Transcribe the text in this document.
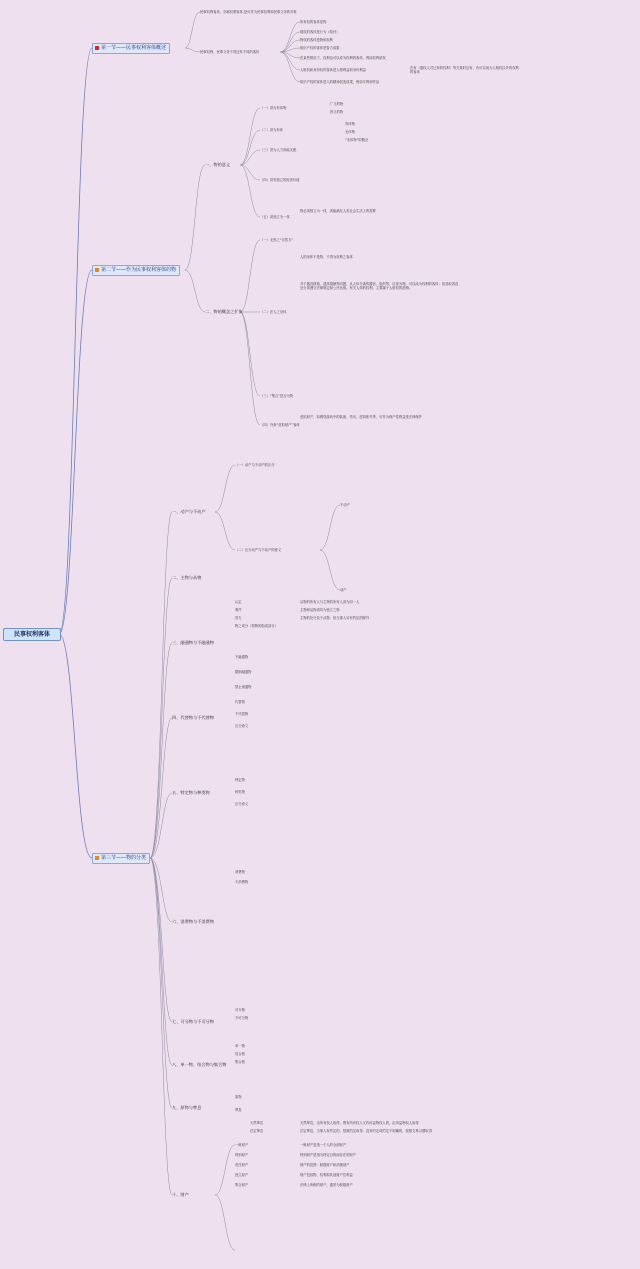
民事权利客体
第一节——民事权利客体概述
民事权利客体，亦称权利客体,是可作为民事权利和民事义务的对象
民事权利，民事义务不同还有不同的客体
所有权的客体是物
债权的客体是行为（给付）
物权的客体是物和权利
知识产权的客体是智力成果
在某些情况下，权利也可以成为权利的客体，例如权利质权
人格权和身份权的客体是人格利益和身份利益	在有（债权人对已有的权利）等关系时还有，有可以成为人格权以外的权利的客体
知识产权的客体是人的精神创造成果，例如专利和作品
第二节——作为民事权利客体的物
一、物的意义
（一）须为有体物
广义的物
狭义的物
（二）须为有体
有体物
无体物
“无体物”的概念
（三）须为人力所能支配
（四）须有独立的经济价值
（五）须独立为一体
物必须独立为一体，须能满足人类社会生活上的需要
二、物的概念之扩张
（一）无形之“自然力”
（二）法人之身体
人的身体不是物，不得为权利之客体
对于器官移植、遗体捐献等问题，从人体分离的器官、组织等，应视为物，可以成为权利的客体；但其取得及处分须遵守法律规定和公序良俗。有关人体的权利，主要属于人格权的范畴。
（三）“集合”是否为物
（四）外套“虚拟财产”客体
虚拟财产，如网络游戏中的装备、货币、虚拟账号等，可作为财产性利益受法律保护
第三节——物的分类
一、动产与不动产
（一）动产与不动产的区分
（二）区分动产与不动产的意义
不动产
动产
二、主物与从物
认定
要件
效力
物之成分（即物的组成部分）
从物的所有人与主物的所有人须为同一人
主物和从物须均为独立之物
主物的处分及于从物，但当事人另有约定的除外
三、融通物与不融通物
不融通物
限制融通物
禁止流通物
四、代替物与不代替物
代替物
不代替物
区分意义
五、特定物与种类物
特定物
种类物
区分意义
六、消费物与不消费物
消费物
不消费物
七、可分物与不可分物
可分物
不可分物
八、单一物、结合物与集合物
单一物
结合物
集合物
九、原物与孳息
原物
孳息
天然孳息
法定孳息
天然孳息，由所有权人取得；既有所有权人又有用益物权人的，由用益物权人取得
法定孳息，当事人有约定的，按照约定取得；没有约定或约定不明确的，按照交易习惯取得
十、财产
一般财产
特别财产
责任财产
独立财产
集合财产
一般财产是指一个人的全部财产
特别财产是指为特定目的而存在的财产
财产的范围：积极财产和消极财产
财产包括物、权利和其他财产性利益
法律上所称的财产，通常为积极财产
